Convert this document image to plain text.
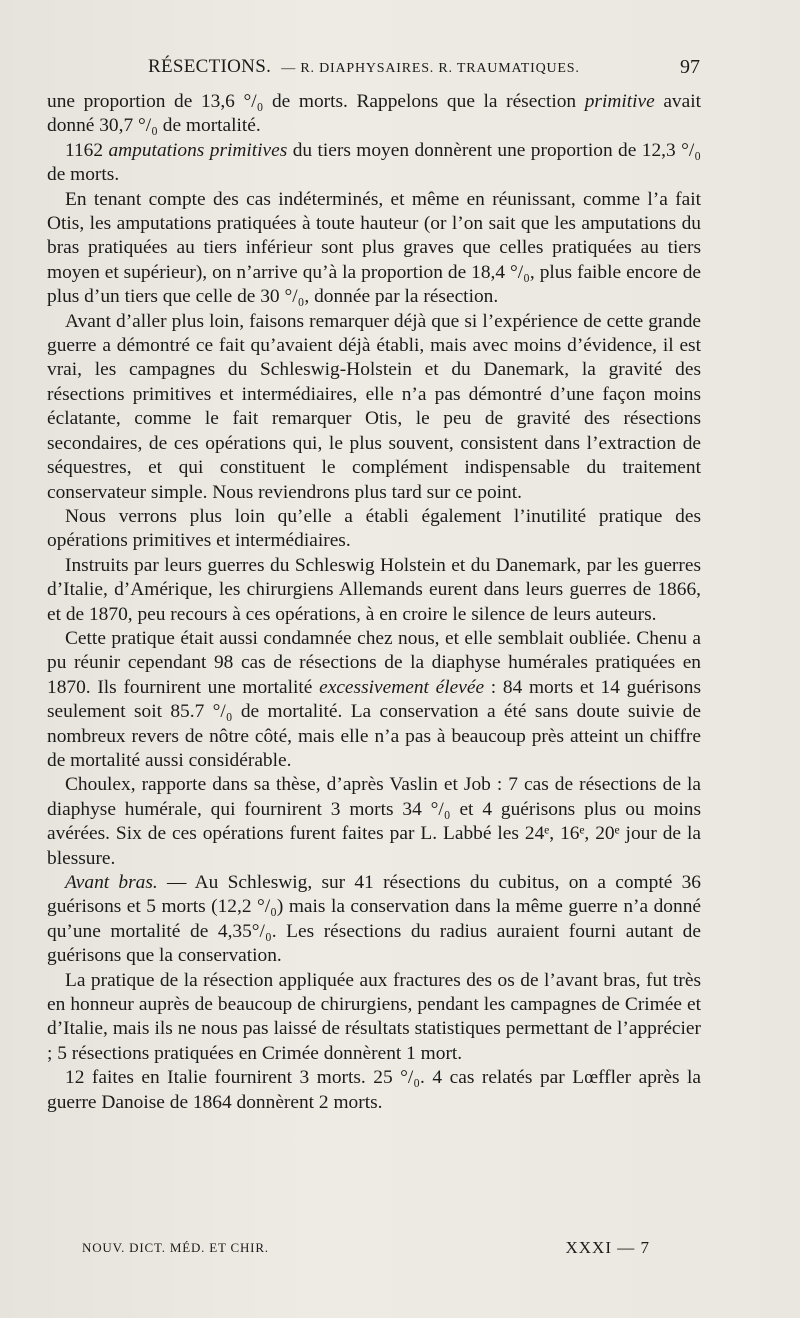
RÉSECTIONS. — R. DIAPHYSAIRES. R. TRAUMATIQUES.	97

une proportion de 13,6 °/₀ de morts. Rappelons que la résection primitive avait donné 30,7 °/₀ de mortalité.

1162 amputations primitives du tiers moyen donnèrent une proportion de 12,3 °/₀ de morts.

En tenant compte des cas indéterminés, et même en réunissant, comme l’a fait Otis, les amputations pratiquées à toute hauteur (or l’on sait que les amputations du bras pratiquées au tiers inférieur sont plus graves que celles pratiquées au tiers moyen et supérieur), on n’arrive qu’à la proportion de 18,4 °/₀, plus faible encore de plus d’un tiers que celle de 30 °/₀, donnée par la résection.

Avant d’aller plus loin, faisons remarquer déjà que si l’expérience de cette grande guerre a démontré ce fait qu’avaient déjà établi, mais avec moins d’évidence, il est vrai, les campagnes du Schleswig-Holstein et du Danemark, la gravité des résections primitives et intermédiaires, elle n’a pas démontré d’une façon moins éclatante, comme le fait remarquer Otis, le peu de gravité des résections secondaires, de ces opérations qui, le plus souvent, consistent dans l’extraction de séquestres, et qui constituent le complément indispensable du traitement conservateur simple. Nous reviendrons plus tard sur ce point.

Nous verrons plus loin qu’elle a établi également l’inutilité pratique des opérations primitives et intermédiaires.

Instruits par leurs guerres du Schleswig Holstein et du Danemark, par les guerres d’Italie, d’Amérique, les chirurgiens Allemands eurent dans leurs guerres de 1866, et de 1870, peu recours à ces opérations, à en croire le silence de leurs auteurs.

Cette pratique était aussi condamnée chez nous, et elle semblait oubliée. Chenu a pu réunir cependant 98 cas de résections de la diaphyse humérales pratiquées en 1870. Ils fournirent une mortalité excessivement élevée : 84 morts et 14 guérisons seulement soit 85.7 °/₀ de mortalité. La conservation a été sans doute suivie de nombreux revers de nôtre côté, mais elle n’a pas à beaucoup près atteint un chiffre de mortalité aussi considérable.

Choulex, rapporte dans sa thèse, d’après Vaslin et Job : 7 cas de résections de la diaphyse humérale, qui fournirent 3 morts 34 °/₀ et 4 guérisons plus ou moins avérées. Six de ces opérations furent faites par L. Labbé les 24ᵉ, 16ᵉ, 20ᵉ jour de la blessure.

Avant bras. — Au Schleswig, sur 41 résections du cubitus, on a compté 36 guérisons et 5 morts (12,2 °/₀) mais la conservation dans la même guerre n’a donné qu’une mortalité de 4,35°/₀. Les résections du radius auraient fourni autant de guérisons que la conservation.

La pratique de la résection appliquée aux fractures des os de l’avant bras, fut très en honneur auprès de beaucoup de chirurgiens, pendant les campagnes de Crimée et d’Italie, mais ils ne nous pas laissé de résultats statistiques permettant de l’apprécier ; 5 résections pratiquées en Crimée donnèrent 1 mort.

12 faites en Italie fournirent 3 morts. 25 °/₀. 4 cas relatés par Lœffler après la guerre Danoise de 1864 donnèrent 2 morts.

NOUV. DICT. MÉD. ET CHIR.	XXXI — 7
